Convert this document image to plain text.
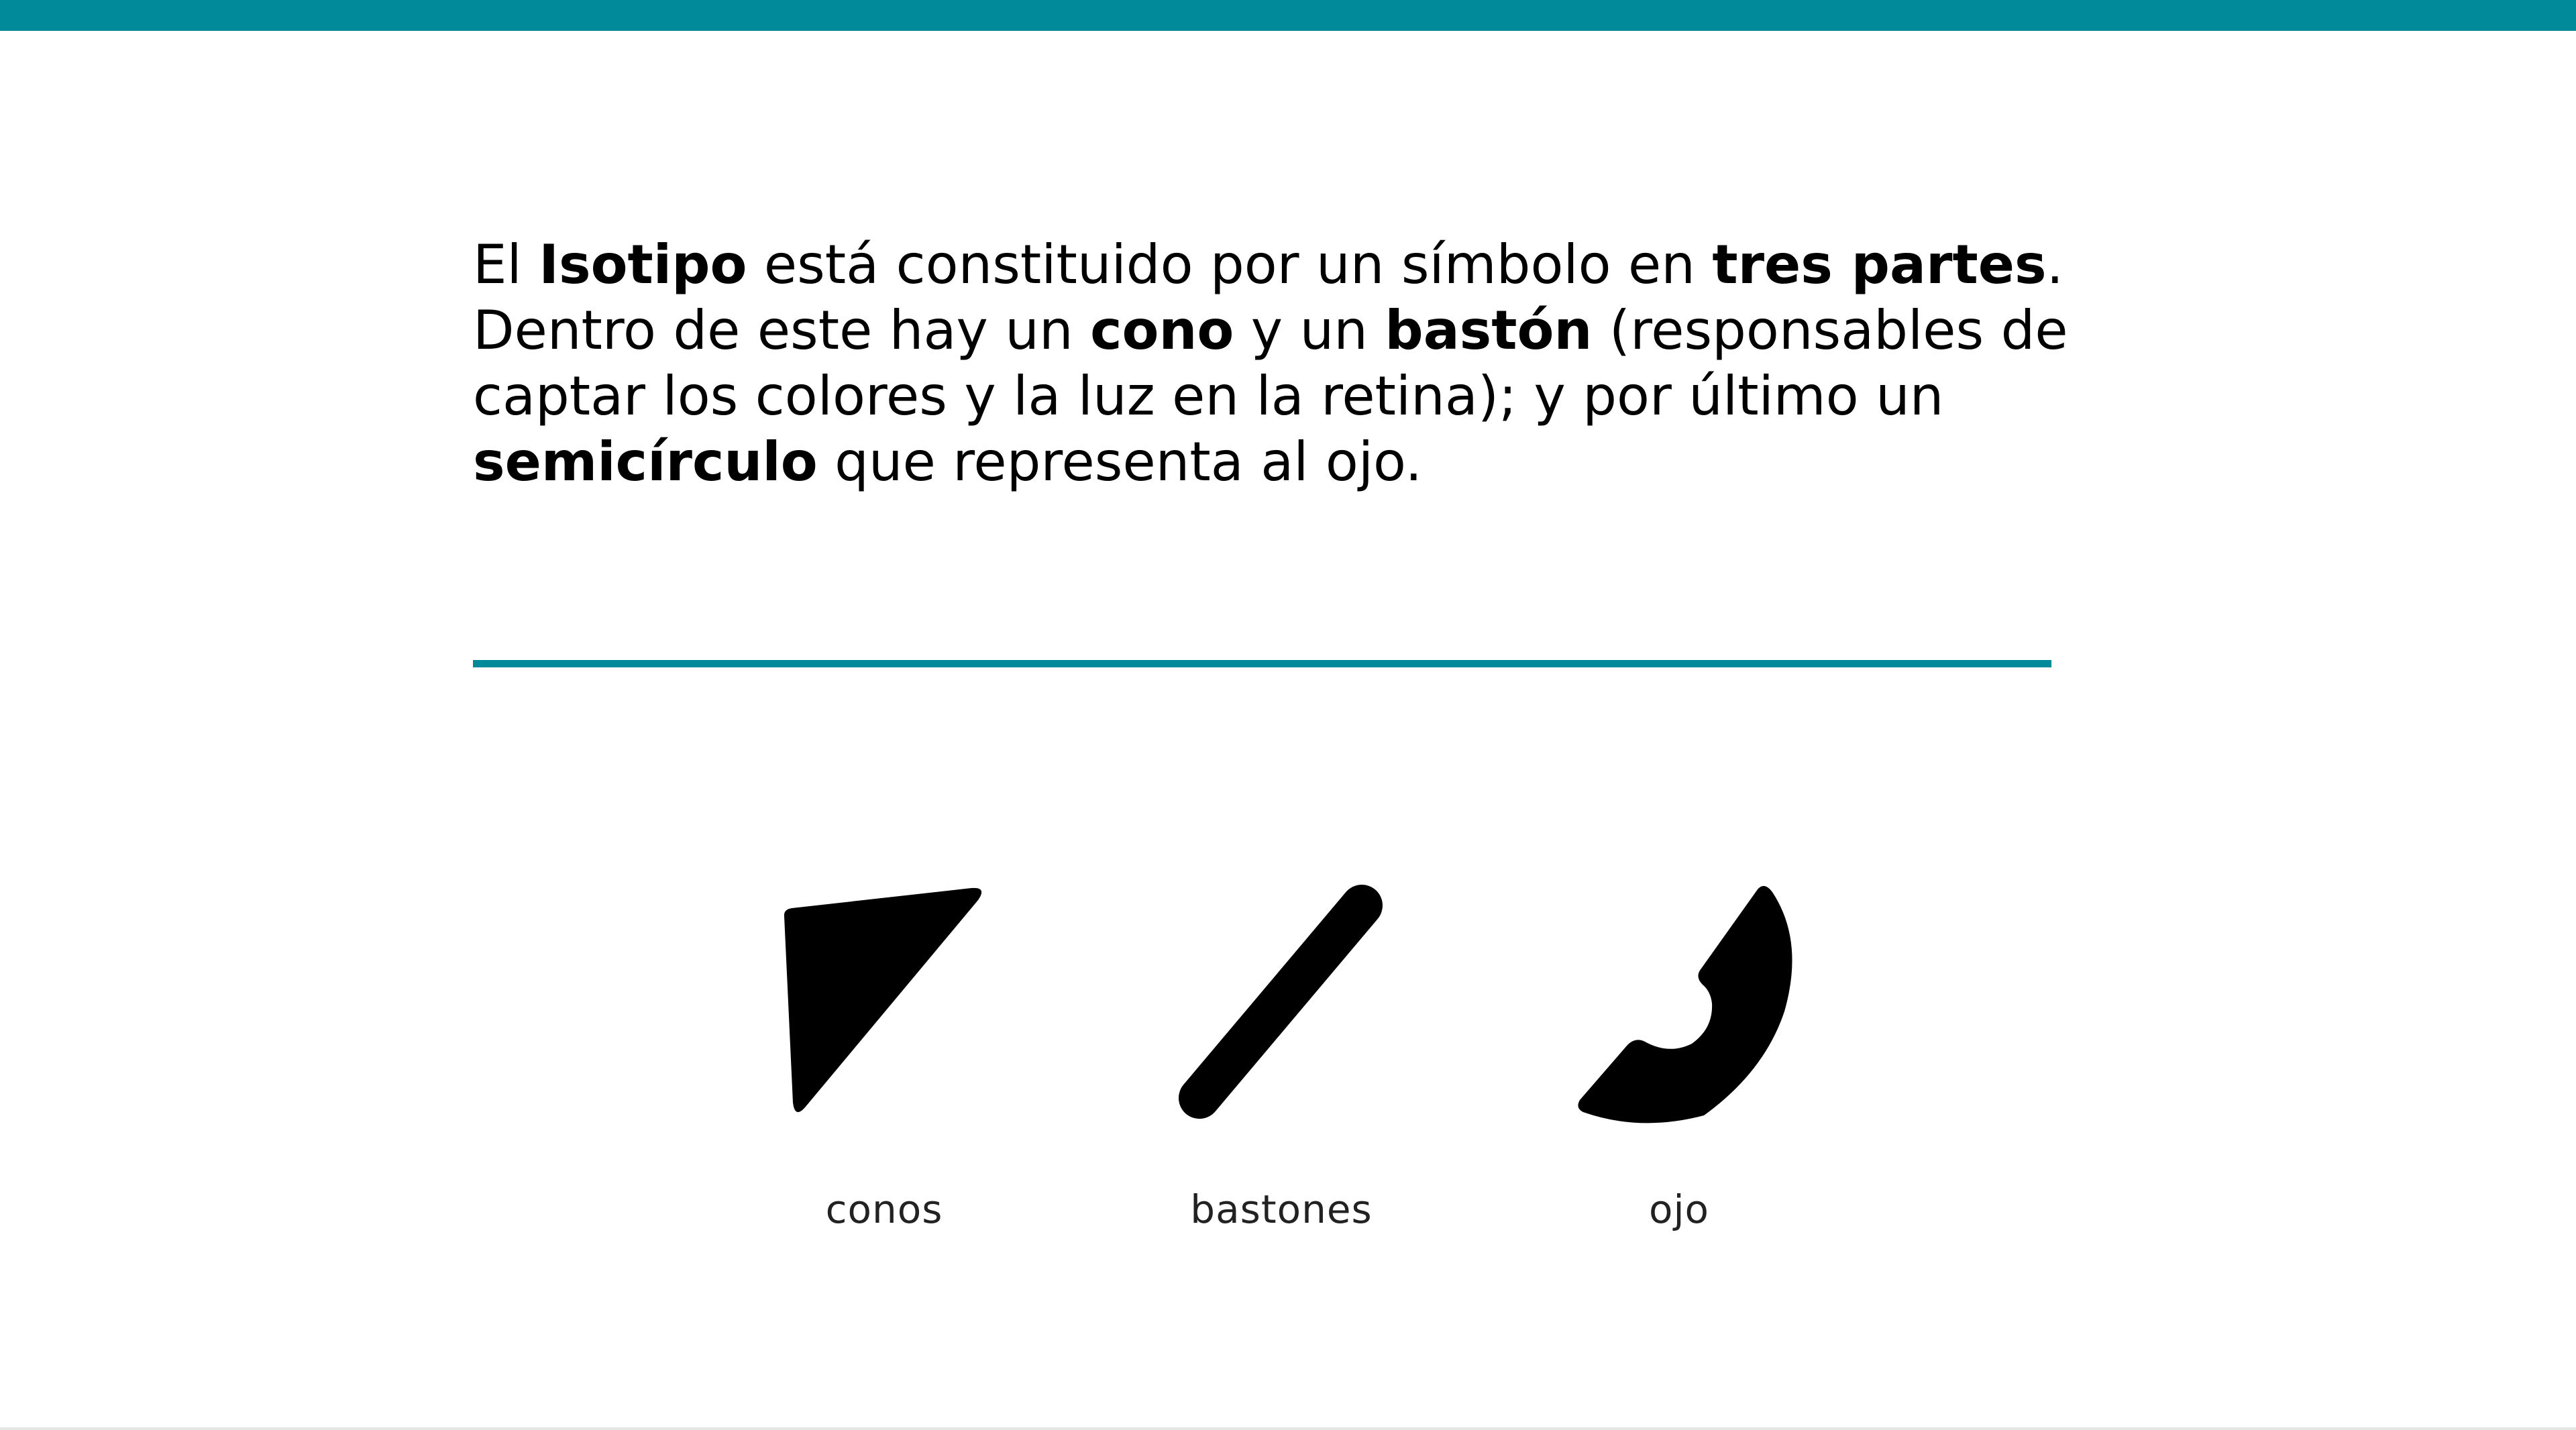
El Isotipo está constituido por un símbolo en tres partes. Dentro de este hay un cono y un bastón (responsables de captar los colores y la luz en la retina); y por último un semicírculo que representa al ojo.

conos	bastones	ojo
